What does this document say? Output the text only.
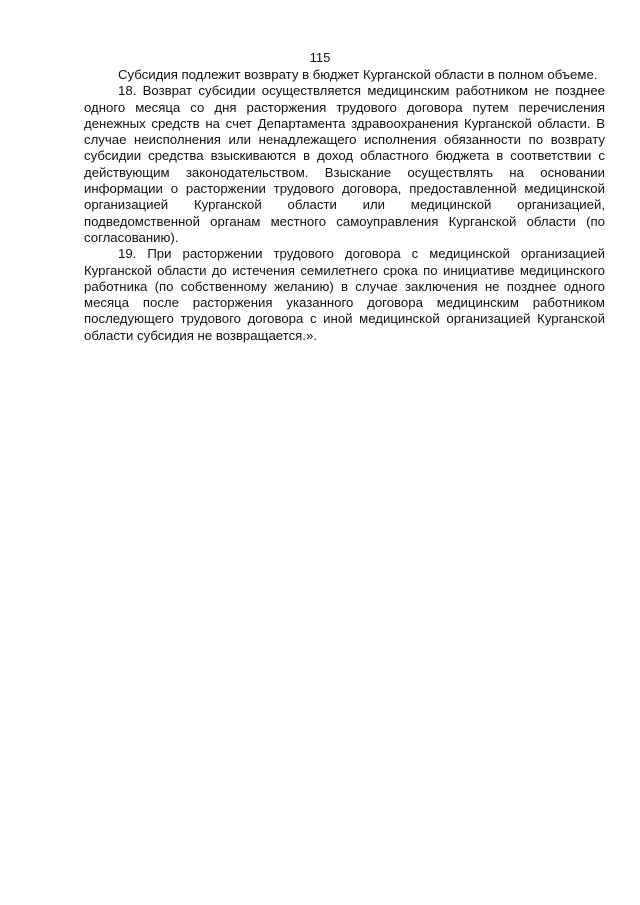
115

Субсидия подлежит возврату в бюджет Курганской области в полном объеме.

18. Возврат субсидии осуществляется медицинским работником не позднее одного месяца со дня расторжения трудового договора путем перечисления денежных средств на счет Департамента здравоохранения Курганской области. В случае неисполнения или ненадлежащего исполнения обязанности по возврату субсидии средства взыскиваются в доход областного бюджета в соответствии с действующим законодательством. Взыскание осуществлять на основании информации о расторжении трудового договора, предоставленной медицинской организацией Курганской области или медицинской организацией, подведомственной органам местного самоуправления Курганской области (по согласованию).

19. При расторжении трудового договора с медицинской организацией Курганской области до истечения семилетнего срока по инициативе медицинского работника (по собственному желанию) в случае заключения не позднее одного месяца после расторжения указанного договора медицинским работником последующего трудового договора с иной медицинской организацией Курганской области субсидия не возвращается.».
